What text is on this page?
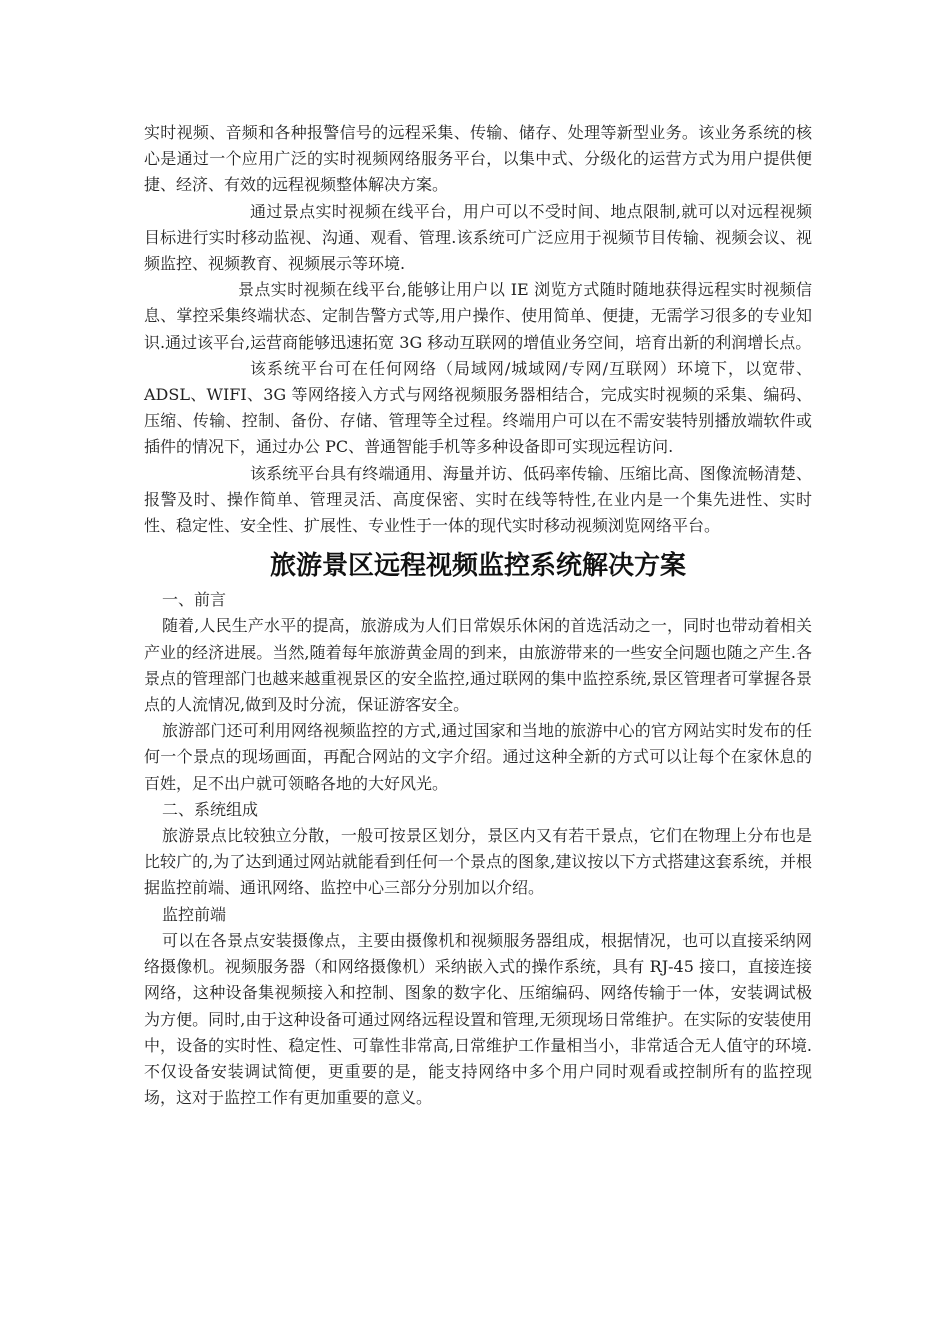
实时视频、音频和各种报警信号的远程采集、传输、储存、处理等新型业务。该业务系统的核心是通过一个应用广泛的实时视频网络服务平台，以集中式、分级化的运营方式为用户提供便捷、经济、有效的远程视频整体解决方案。

通过景点实时视频在线平台，用户可以不受时间、地点限制,就可以对远程视频目标进行实时移动监视、沟通、观看、管理.该系统可广泛应用于视频节目传输、视频会议、视频监控、视频教育、视频展示等环境.

景点实时视频在线平台,能够让用户以 IE 浏览方式随时随地获得远程实时视频信息、掌控采集终端状态、定制告警方式等,用户操作、使用简单、便捷，无需学习很多的专业知识.通过该平台,运营商能够迅速拓宽 3G 移动互联网的增值业务空间，培育出新的利润增长点。

该系统平台可在任何网络（局域网/城域网/专网/互联网）环境下，以宽带、ADSL、WIFI、3G 等网络接入方式与网络视频服务器相结合，完成实时视频的采集、编码、压缩、传输、控制、备份、存储、管理等全过程。终端用户可以在不需安装特别播放端软件或插件的情况下，通过办公 PC、普通智能手机等多种设备即可实现远程访问.

该系统平台具有终端通用、海量并访、低码率传输、压缩比高、图像流畅清楚、报警及时、操作简单、管理灵活、高度保密、实时在线等特性,在业内是一个集先进性、实时性、稳定性、安全性、扩展性、专业性于一体的现代实时移动视频浏览网络平台。

旅游景区远程视频监控系统解决方案

一、前言

随着,人民生产水平的提高，旅游成为人们日常娱乐休闲的首选活动之一，同时也带动着相关产业的经济进展。当然,随着每年旅游黄金周的到来，由旅游带来的一些安全问题也随之产生.各景点的管理部门也越来越重视景区的安全监控,通过联网的集中监控系统,景区管理者可掌握各景点的人流情况,做到及时分流，保证游客安全。

旅游部门还可利用网络视频监控的方式,通过国家和当地的旅游中心的官方网站实时发布的任何一个景点的现场画面，再配合网站的文字介绍。通过这种全新的方式可以让每个在家休息的百姓，足不出户就可领略各地的大好风光。

二、系统组成

旅游景点比较独立分散，一般可按景区划分，景区内又有若干景点，它们在物理上分布也是比较广的,为了达到通过网站就能看到任何一个景点的图象,建议按以下方式搭建这套系统，并根据监控前端、通讯网络、监控中心三部分分别加以介绍。

监控前端

可以在各景点安装摄像点，主要由摄像机和视频服务器组成，根据情况，也可以直接采纳网络摄像机。视频服务器（和网络摄像机）采纳嵌入式的操作系统，具有 RJ-45 接口，直接连接网络，这种设备集视频接入和控制、图象的数字化、压缩编码、网络传输于一体，安装调试极为方便。同时,由于这种设备可通过网络远程设置和管理,无须现场日常维护。在实际的安装使用中，设备的实时性、稳定性、可靠性非常高,日常维护工作量相当小，非常适合无人值守的环境.不仅设备安装调试简便，更重要的是，能支持网络中多个用户同时观看或控制所有的监控现场，这对于监控工作有更加重要的意义。
